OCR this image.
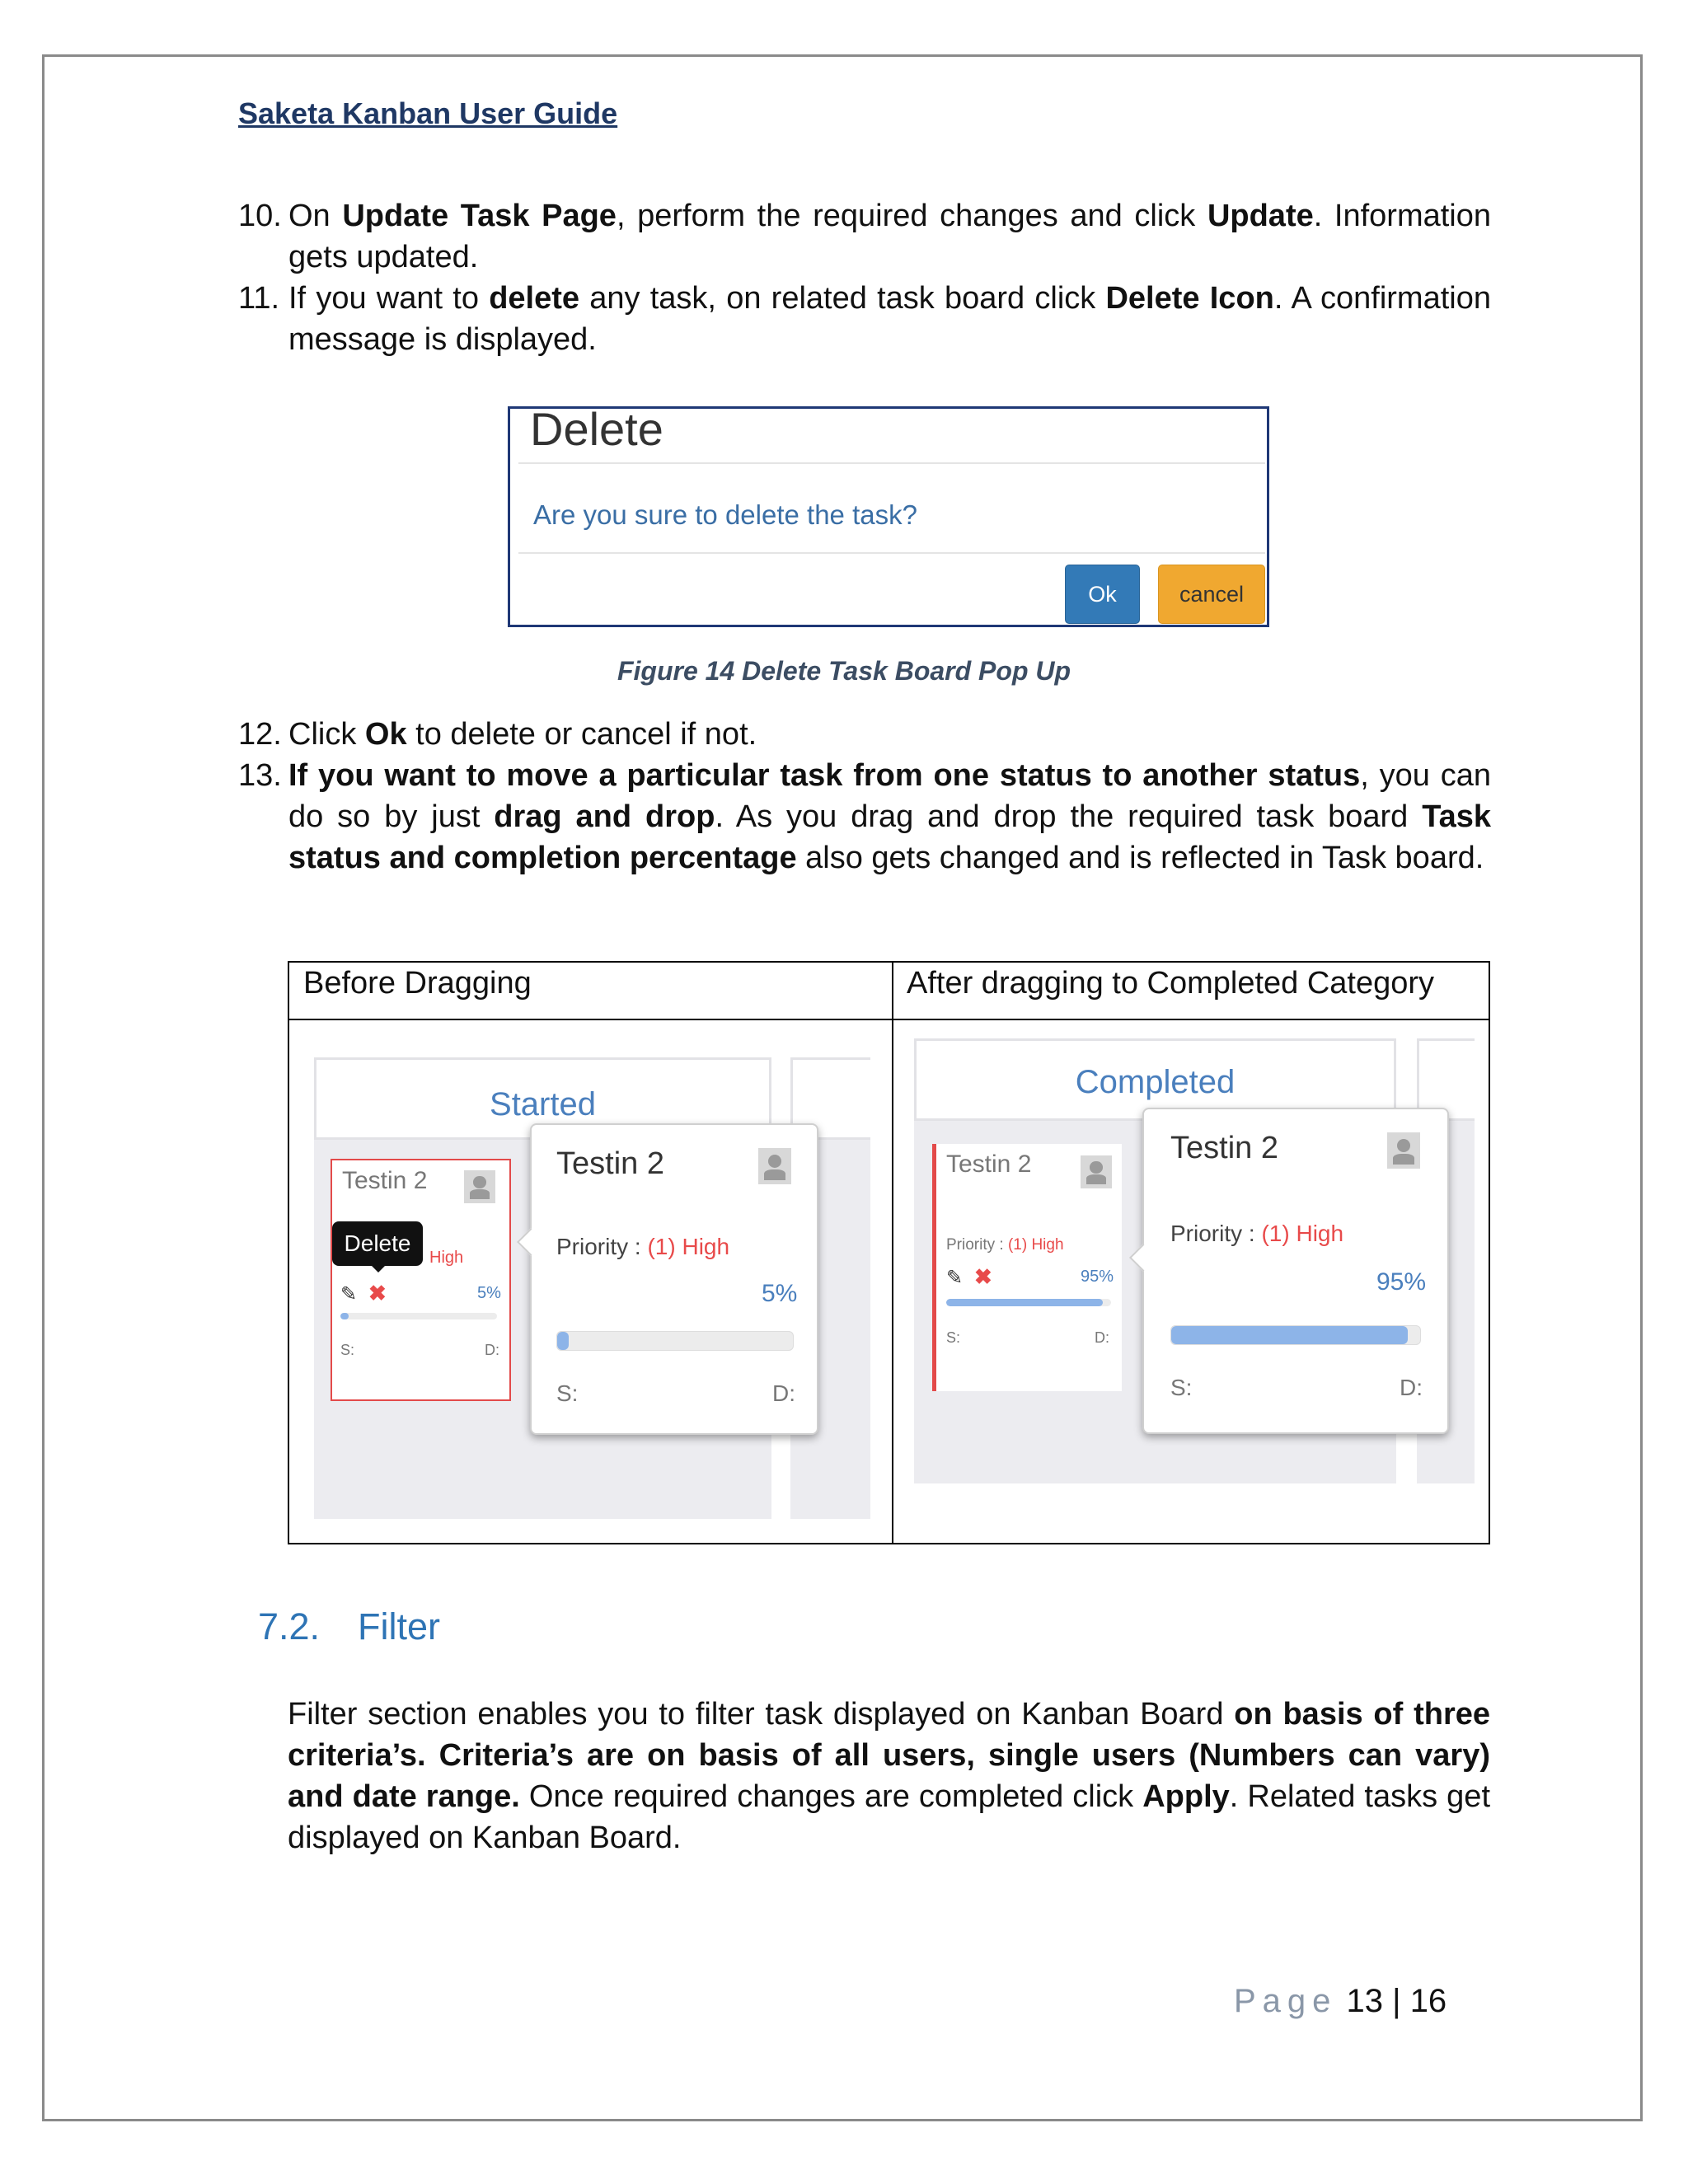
Saketa Kanban User Guide
10. On Update Task Page, perform the required changes and click Update. Information gets updated.
11. If you want to delete any task, on related task board click Delete Icon. A confirmation message is displayed.
Delete
Are you sure to delete the task?
Ok	cancel
Figure 14 Delete Task Board Pop Up
12. Click Ok to delete or cancel if not.
13. If you want to move a particular task from one status to another status, you can do so by just drag and drop. As you drag and drop the required task board Task status and completion percentage also gets changed and is reflected in Task board.
Before Dragging	After dragging to Completed Category
Started
Testin 2
Delete
High
✎ ✖	5%
S:	D:
Testin 2
Priority : (1) High
5%
S:	D:
Completed
Testin 2
Priority : (1) High
✎ ✖	95%
S:	D:
Testin 2
Priority : (1) High
95%
S:	D:
7.2. Filter
Filter section enables you to filter task displayed on Kanban Board on basis of three criteria’s. Criteria’s are on basis of all users, single users (Numbers can vary) and date range. Once required changes are completed click Apply. Related tasks get displayed on Kanban Board.
Page 13 | 16
